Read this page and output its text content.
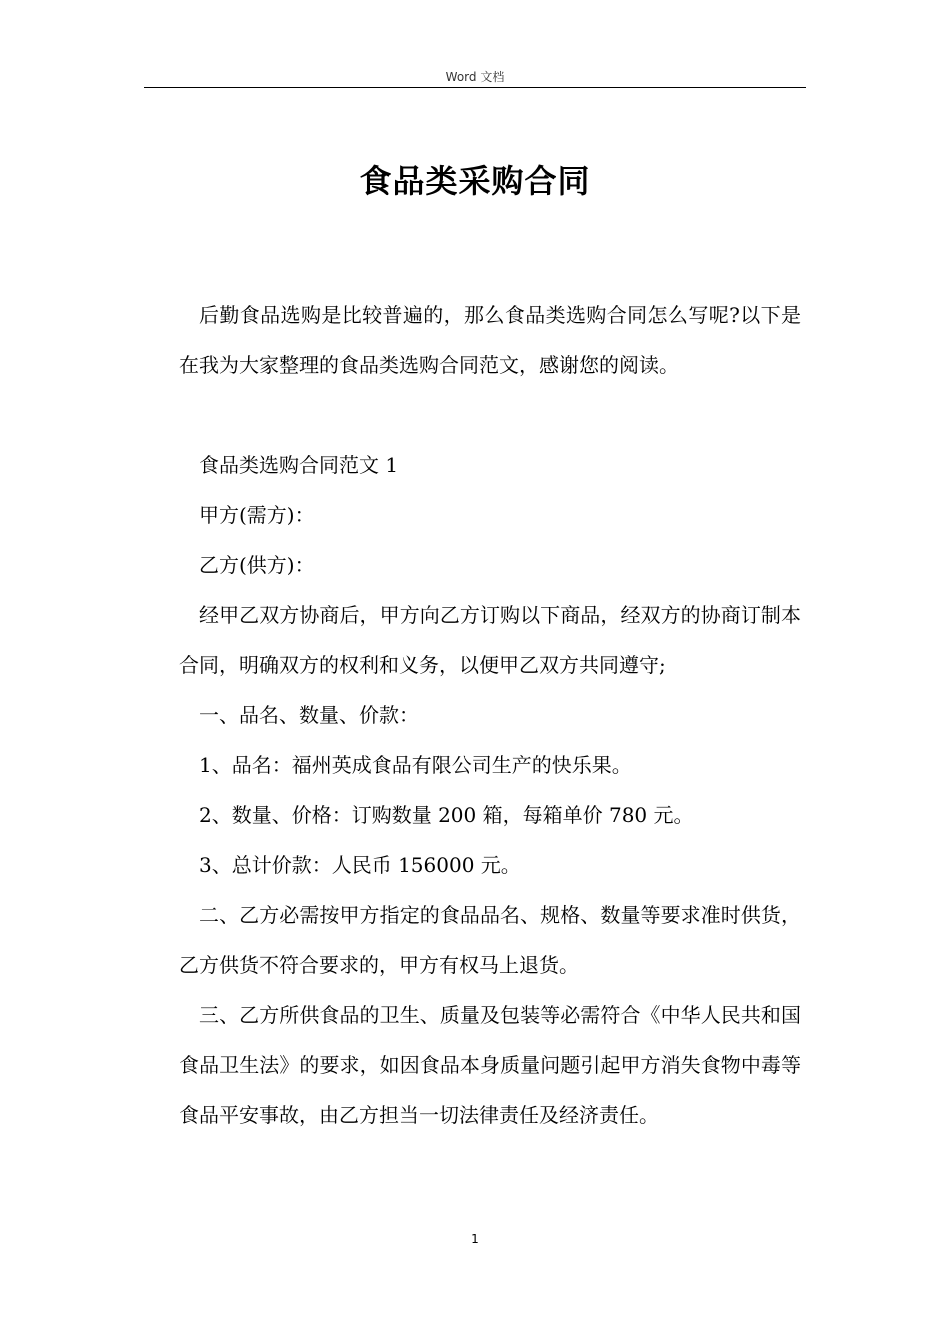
Word 文档
食品类采购合同

后勤食品选购是比较普遍的，那么食品类选购合同怎么写呢?以下是在我为大家整理的食品类选购合同范文，感谢您的阅读。

食品类选购合同范文 1

甲方(需方)：

乙方(供方)：

经甲乙双方协商后，甲方向乙方订购以下商品，经双方的协商订制本合同，明确双方的权利和义务，以便甲乙双方共同遵守;

一、品名、数量、价款：

1、品名：福州英成食品有限公司生产的快乐果。

2、数量、价格：订购数量 200 箱，每箱单价 780 元。

3、总计价款：人民币 156000 元。

二、乙方必需按甲方指定的食品品名、规格、数量等要求准时供货，乙方供货不符合要求的，甲方有权马上退货。

三、乙方所供食品的卫生、质量及包装等必需符合《中华人民共和国食品卫生法》的要求，如因食品本身质量问题引起甲方消失食物中毒等食品平安事故，由乙方担当一切法律责任及经济责任。

1
